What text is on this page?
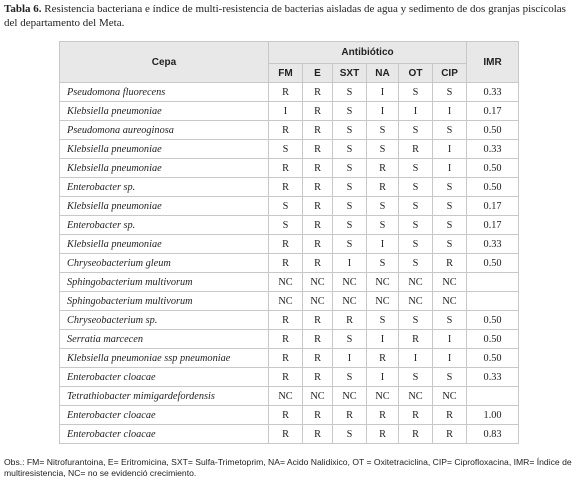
Tabla 6. Resistencia bacteriana e índice de multi-resistencia de bacterias aisladas de agua y sedimento de dos granjas piscícolas del departamento del Meta.
Cepa	Antibiótico						IMR
	FM	E	SXT	NA	OT	CIP	
Pseudomona fluorecens	R	R	S	I	S	S	0.33
Klebsiella pneumoniae	I	R	S	I	I	I	0.17
Pseudomona aureoginosa	R	R	S	S	S	S	0.50
Klebsiella pneumoniae	S	R	S	S	R	I	0.33
Klebsiella pneumoniae	R	R	S	R	S	I	0.50
Enterobacter sp.	R	R	S	R	S	S	0.50
Klebsiella pneumoniae	S	R	S	S	S	S	0.17
Enterobacter sp.	S	R	S	S	S	S	0.17
Klebsiella pneumoniae	R	R	S	I	S	S	0.33
Chryseobacterium gleum	R	R	I	S	S	R	0.50
Sphingobacterium multivorum	NC	NC	NC	NC	NC	NC	
Sphingobacterium multivorum	NC	NC	NC	NC	NC	NC	
Chryseobacterium sp.	R	R	R	S	S	S	0.50
Serratia marcecen	R	R	S	I	R	I	0.50
Klebsiella pneumoniae ssp pneumoniae	R	R	I	R	I	I	0.50
Enterobacter cloacae	R	R	S	I	S	S	0.33
Tetrathiobacter mimigardefordensis	NC	NC	NC	NC	NC	NC	
Enterobacter cloacae	R	R	R	R	R	R	1.00
Enterobacter cloacae	R	R	S	R	R	R	0.83
Obs.: FM= Nitrofurantoina, E= Eritromicina, SXT= Sulfa-Trimetoprim, NA= Acido Nalidixico, OT = Oxitetraciclina, CIP= Ciprofloxacina, IMR= Índice de multiresistencia, NC= no se evidenció crecimiento.
